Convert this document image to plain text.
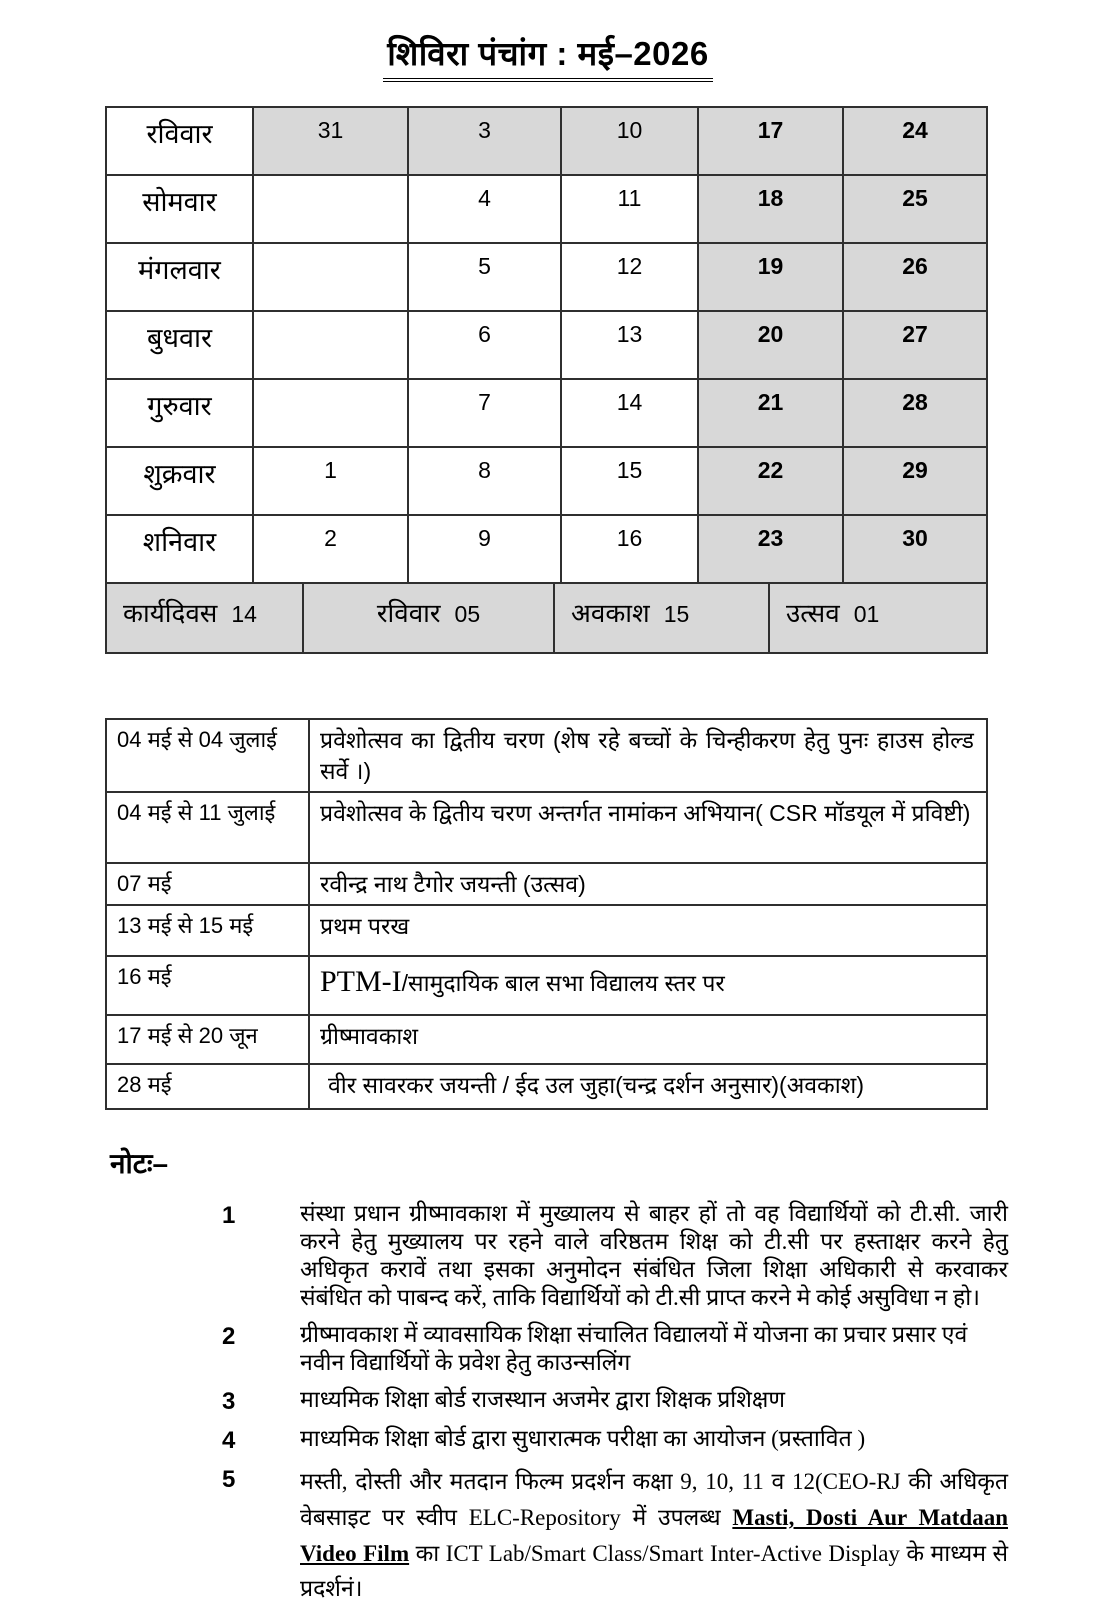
शिविरा पंचांग : मई–2026
रविवार	31	3	10	17	24
सोमवार		4	11	18	25
मंगलवार		5	12	19	26
बुधवार		6	13	20	27
गुरुवार		7	14	21	28
शुक्रवार	1	8	15	22	29
शनिवार	2	9	16	23	30
कार्यदिवस 14	रविवार 05	अवकाश 15	उत्सव 01
04 मई से 04 जुलाई	प्रवेशोत्सव का द्वितीय चरण (शेष रहे बच्चों के चिन्हीकरण हेतु पुनः हाउस होल्ड सर्वे ।)
04 मई से 11 जुलाई	प्रवेशोत्सव के द्वितीय चरण अन्तर्गत नामांकन अभियान( CSR मॉडयूल में प्रविष्टी)
07 मई	रवीन्द्र नाथ टैगोर जयन्ती (उत्सव)
13 मई से 15 मई	प्रथम परख
16 मई	PTM-I/सामुदायिक बाल सभा विद्यालय स्तर पर
17 मई से 20 जून	ग्रीष्मावकाश
28 मई	वीर सावरकर जयन्ती / ईद उल जुहा(चन्द्र दर्शन अनुसार)(अवकाश)
नोटः–
1	संस्था प्रधान ग्रीष्मावकाश में मुख्यालय से बाहर हों तो वह विद्यार्थियों को टी.सी. जारी करने हेतु मुख्यालय पर रहने वाले वरिष्ठतम शिक्ष को टी.सी पर हस्ताक्षर करने हेतु अधिकृत करावें तथा इसका अनुमोदन संबंधित जिला शिक्षा अधिकारी से करवाकर संबंधित को पाबन्द करें, ताकि विद्यार्थियों को टी.सी प्राप्त करने मे कोई असुविधा न हो।
2	ग्रीष्मावकाश में व्यावसायिक शिक्षा संचालित विद्यालयों में योजना का प्रचार प्रसार एवं नवीन विद्यार्थियों के प्रवेश हेतु काउन्सलिंग
3	माध्यमिक शिक्षा बोर्ड राजस्थान अजमेर द्वारा शिक्षक प्रशिक्षण
4	माध्यमिक शिक्षा बोर्ड द्वारा सुधारात्मक परीक्षा का आयोजन (प्रस्तावित )
5	मस्ती, दोस्ती और मतदान फिल्म प्रदर्शन कक्षा 9, 10, 11 व 12(CEO-RJ की अधिकृत वेबसाइट पर स्वीप ELC-Repository में उपलब्ध Masti, Dosti Aur Matdaan Video Film का ICT Lab/Smart Class/Smart Inter-Active Display के माध्यम से प्रदर्शनं।
